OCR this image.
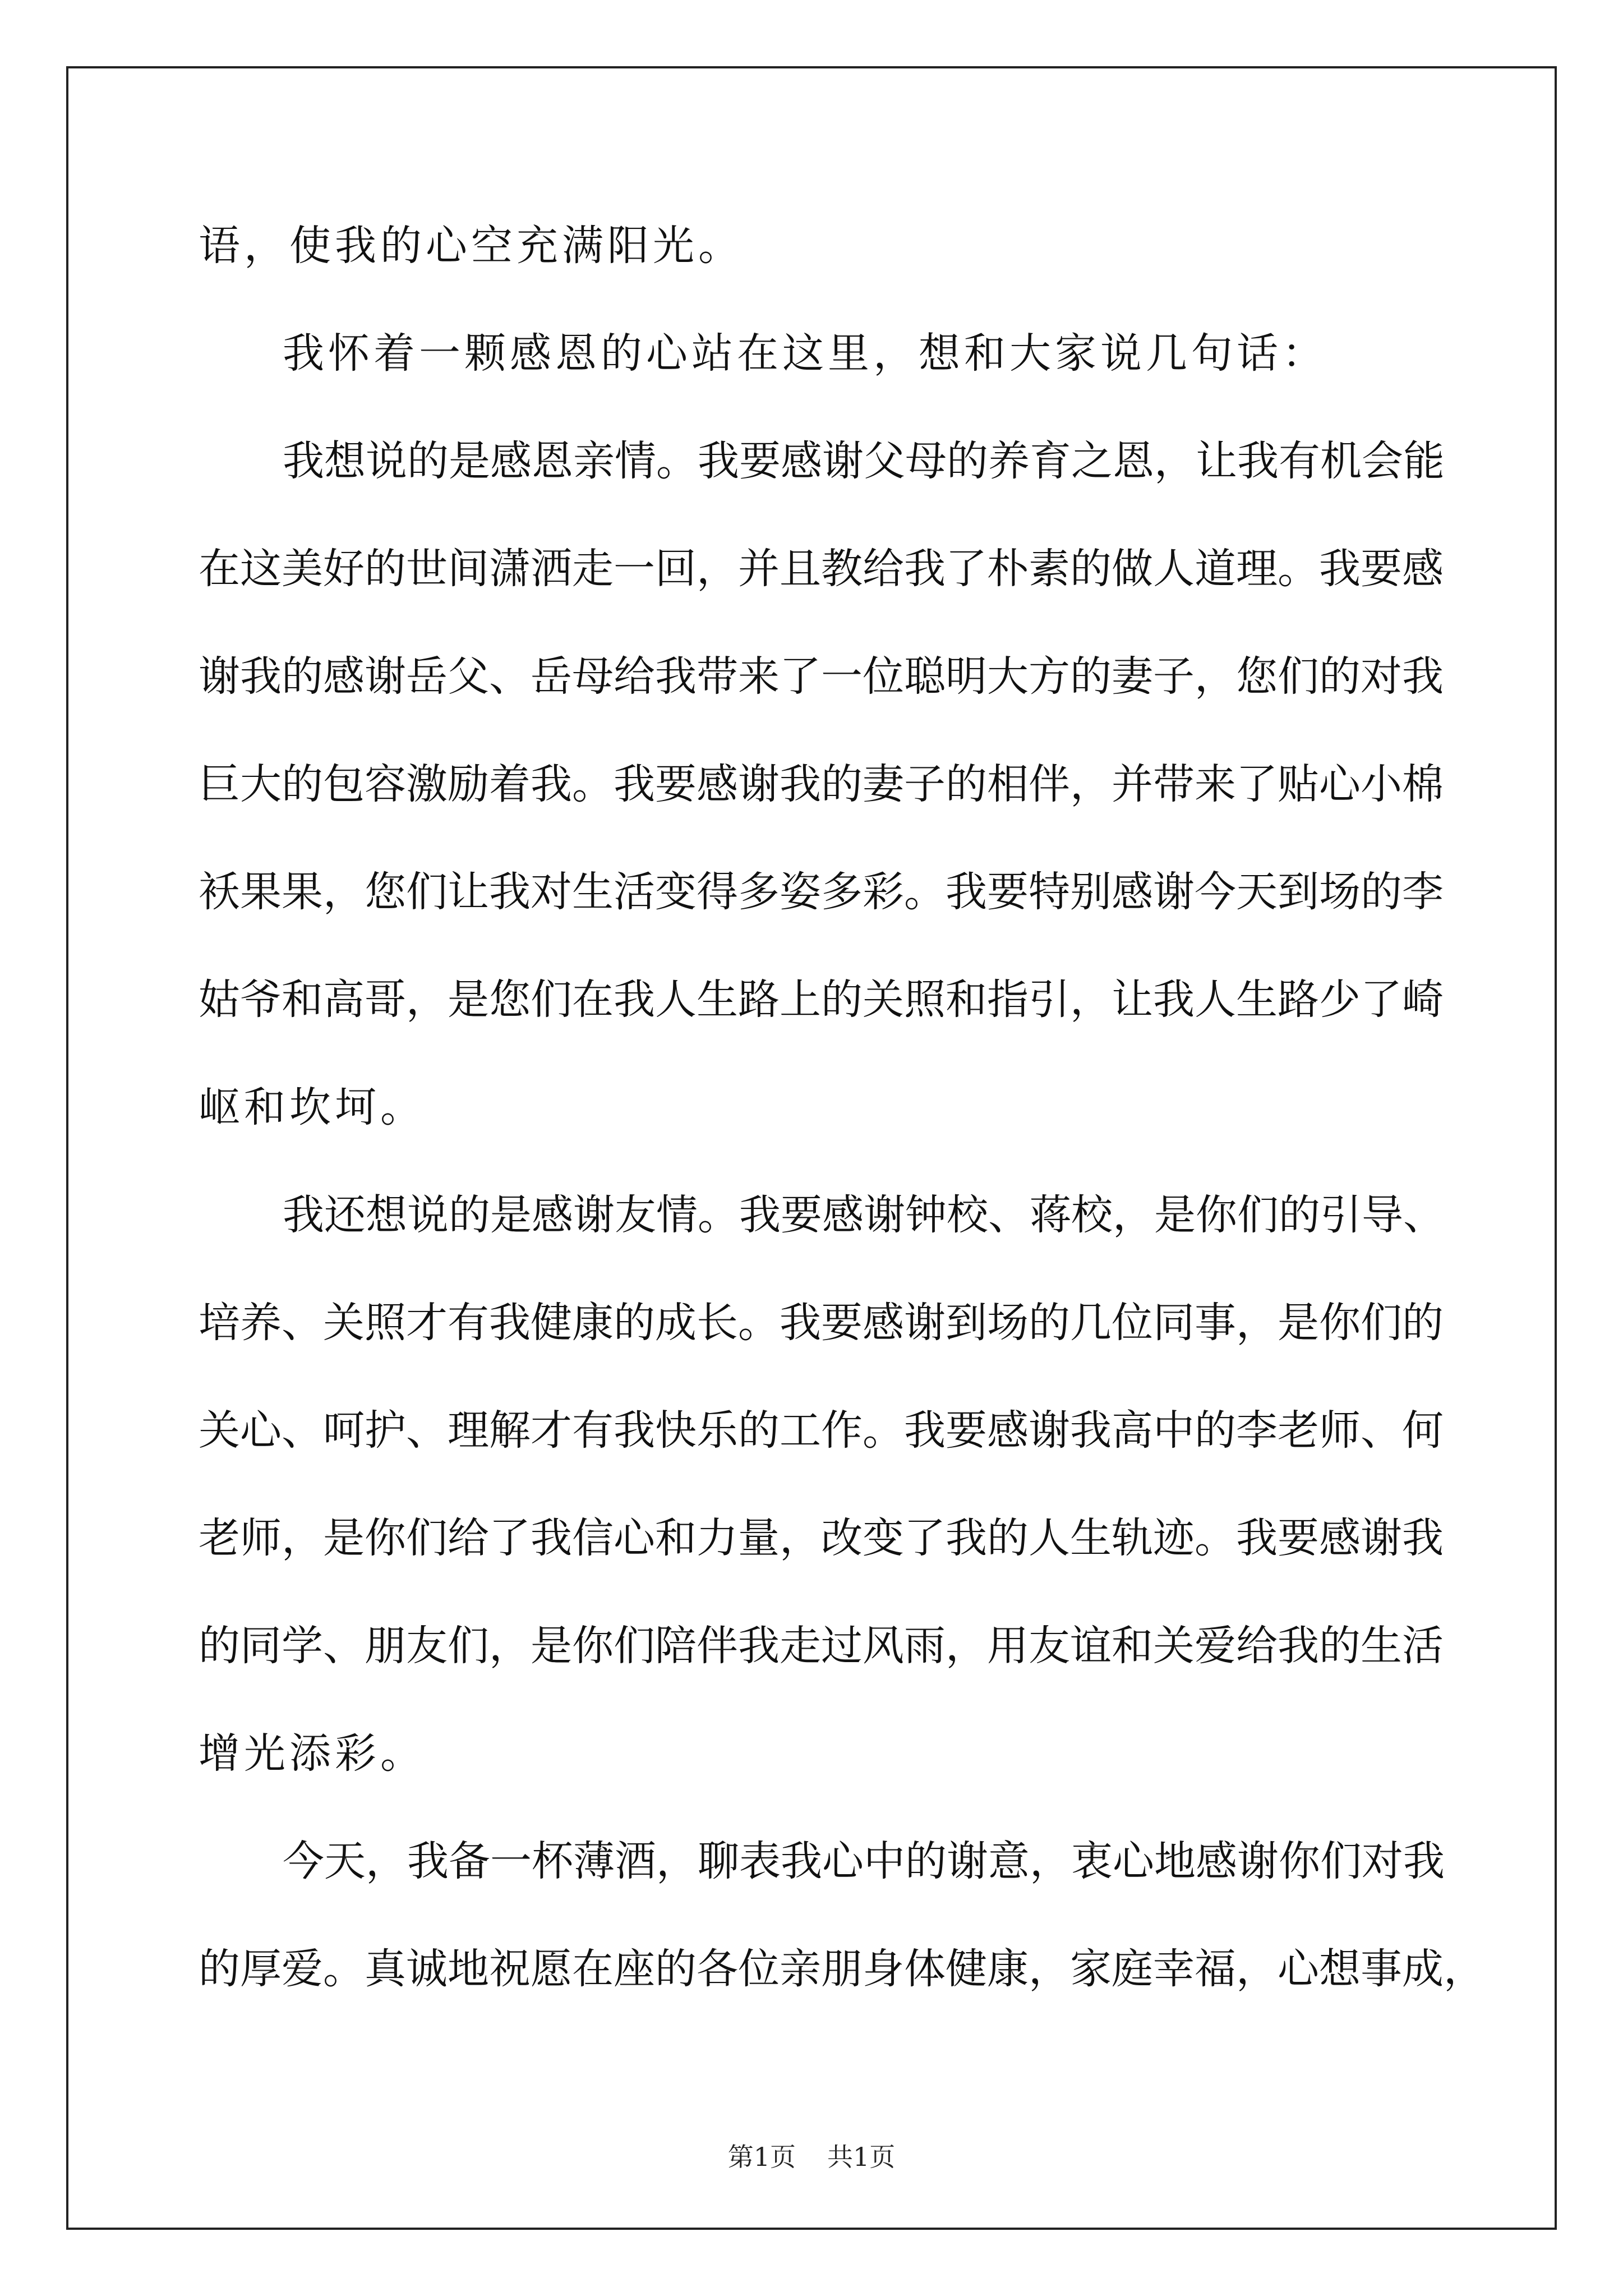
语，使我的心空充满阳光。
我怀着一颗感恩的心站在这里，想和大家说几句话：
我想说的是感恩亲情。我要感谢父母的养育之恩，让我有机会能
在这美好的世间潇洒走一回，并且教给我了朴素的做人道理。我要感
谢我的感谢岳父、岳母给我带来了一位聪明大方的妻子，您们的对我
巨大的包容激励着我。我要感谢我的妻子的相伴，并带来了贴心小棉
袄果果，您们让我对生活变得多姿多彩。我要特别感谢今天到场的李
姑爷和高哥，是您们在我人生路上的关照和指引，让我人生路少了崎
岖和坎坷。
我还想说的是感谢友情。我要感谢钟校、蒋校，是你们的引导、
培养、关照才有我健康的成长。我要感谢到场的几位同事，是你们的
关心、呵护、理解才有我快乐的工作。我要感谢我高中的李老师、何
老师，是你们给了我信心和力量，改变了我的人生轨迹。我要感谢我
的同学、朋友们，是你们陪伴我走过风雨，用友谊和关爱给我的生活
增光添彩。
今天，我备一杯薄酒，聊表我心中的谢意，衷心地感谢你们对我
的厚爱。真诚地祝愿在座的各位亲朋身体健康，家庭幸福，心想事成，
第1页 共1页
